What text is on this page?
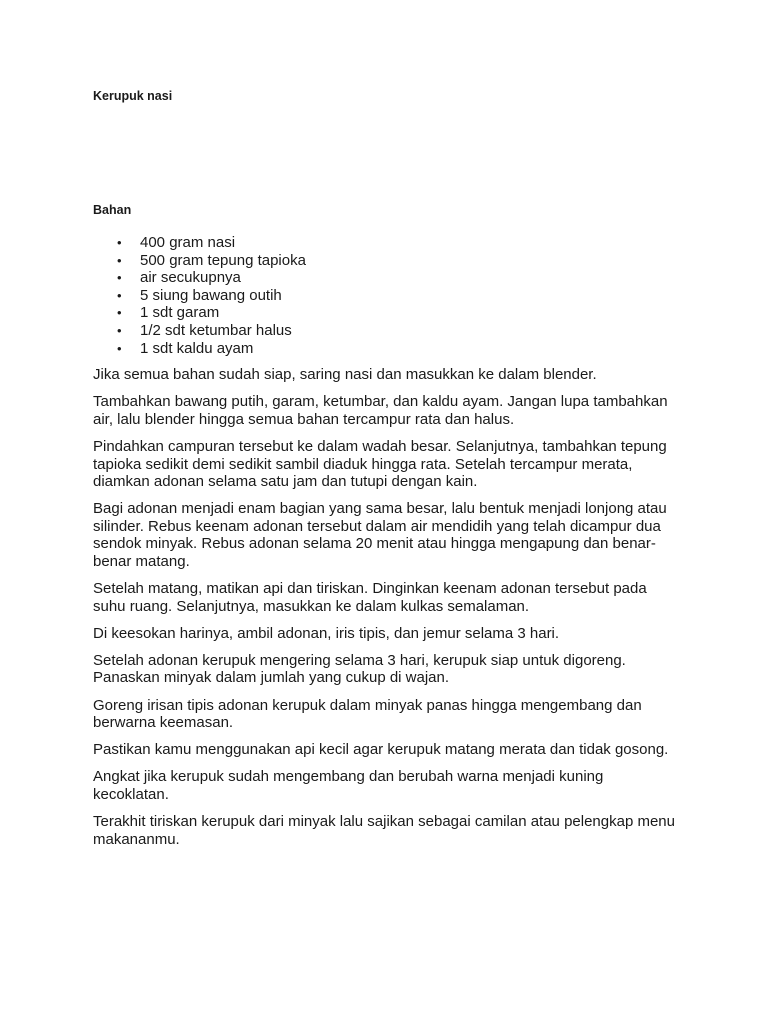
Kerupuk nasi
Bahan
• 400 gram nasi
• 500 gram tepung tapioka
• air secukupnya
• 5 siung bawang outih
• 1 sdt garam
• 1/2 sdt ketumbar halus
• 1 sdt kaldu ayam

Jika semua bahan sudah siap, saring nasi dan masukkan ke dalam blender.

Tambahkan bawang putih, garam, ketumbar, dan kaldu ayam. Jangan lupa tambahkan air, lalu blender hingga semua bahan tercampur rata dan halus.

Pindahkan campuran tersebut ke dalam wadah besar. Selanjutnya, tambahkan tepung tapioka sedikit demi sedikit sambil diaduk hingga rata. Setelah tercampur merata, diamkan adonan selama satu jam dan tutupi dengan kain.

Bagi adonan menjadi enam bagian yang sama besar, lalu bentuk menjadi lonjong atau silinder. Rebus keenam adonan tersebut dalam air mendidih yang telah dicampur dua sendok minyak. Rebus adonan selama 20 menit atau hingga mengapung dan benar-benar matang.

Setelah matang, matikan api dan tiriskan. Dinginkan keenam adonan tersebut pada suhu ruang. Selanjutnya, masukkan ke dalam kulkas semalaman.

Di keesokan harinya, ambil adonan, iris tipis, dan jemur selama 3 hari.

Setelah adonan kerupuk mengering selama 3 hari, kerupuk siap untuk digoreng. Panaskan minyak dalam jumlah yang cukup di wajan.

Goreng irisan tipis adonan kerupuk dalam minyak panas hingga mengembang dan berwarna keemasan.

Pastikan kamu menggunakan api kecil agar kerupuk matang merata dan tidak gosong.

Angkat jika kerupuk sudah mengembang dan berubah warna menjadi kuning kecoklatan.

Terakhit tiriskan kerupuk dari minyak lalu sajikan sebagai camilan atau pelengkap menu makananmu.
